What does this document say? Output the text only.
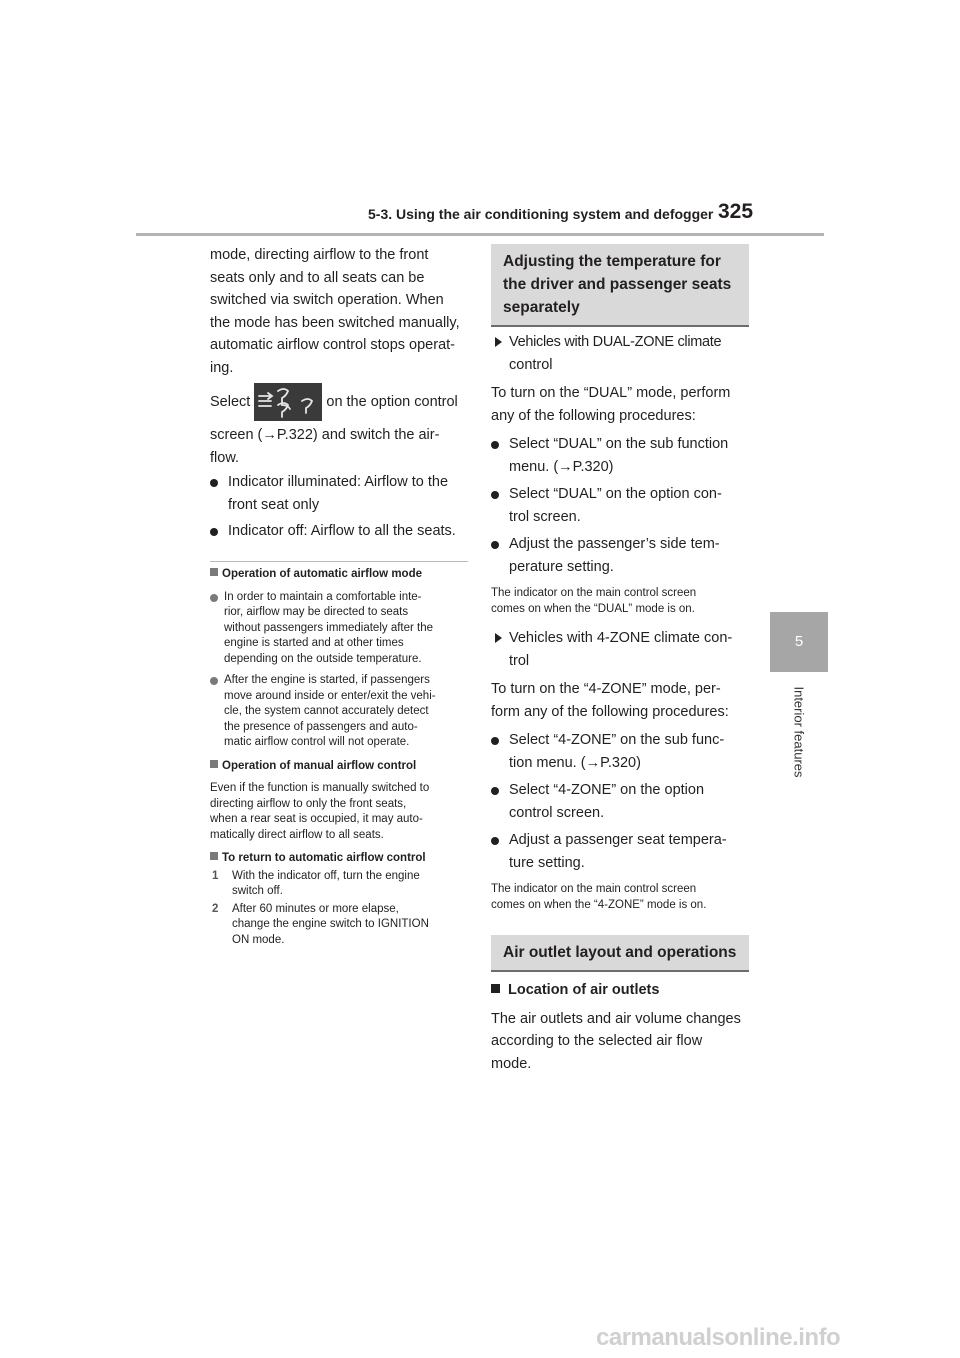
5-3. Using the air conditioning system and defogger 325
5
Interior features
mode, directing airflow to the front
seats only and to all seats can be
switched via switch operation. When
the mode has been switched manually,
automatic airflow control stops operat-
ing.
Select	on the option control
screen (→P.322) and switch the air-
flow.
Indicator illuminated: Airflow to the
front seat only
Indicator off: Airflow to all the seats.
Operation of automatic airflow mode
In order to maintain a comfortable inte-
rior, airflow may be directed to seats
without passengers immediately after the
engine is started and at other times
depending on the outside temperature.
After the engine is started, if passengers
move around inside or enter/exit the vehi-
cle, the system cannot accurately detect
the presence of passengers and auto-
matic airflow control will not operate.
Operation of manual airflow control
Even if the function is manually switched to
directing airflow to only the front seats,
when a rear seat is occupied, it may auto-
matically direct airflow to all seats.
To return to automatic airflow control
1 With the indicator off, turn the engine
switch off.
2 After 60 minutes or more elapse,
change the engine switch to IGNITION
ON mode.
Adjusting the temperature for
the driver and passenger seats
separately
Vehicles with DUAL-ZONE climate
control
To turn on the “DUAL” mode, perform
any of the following procedures:
Select “DUAL” on the sub function
menu. (→P.320)
Select “DUAL” on the option con-
trol screen.
Adjust the passenger’s side tem-
perature setting.
The indicator on the main control screen
comes on when the “DUAL” mode is on.
Vehicles with 4-ZONE climate con-
trol
To turn on the “4-ZONE” mode, per-
form any of the following procedures:
Select “4-ZONE” on the sub func-
tion menu. (→P.320)
Select “4-ZONE” on the option
control screen.
Adjust a passenger seat tempera-
ture setting.
The indicator on the main control screen
comes on when the “4-ZONE” mode is on.
Air outlet layout and operations
Location of air outlets
The air outlets and air volume changes
according to the selected air flow
mode.
carmanualsonline.info
